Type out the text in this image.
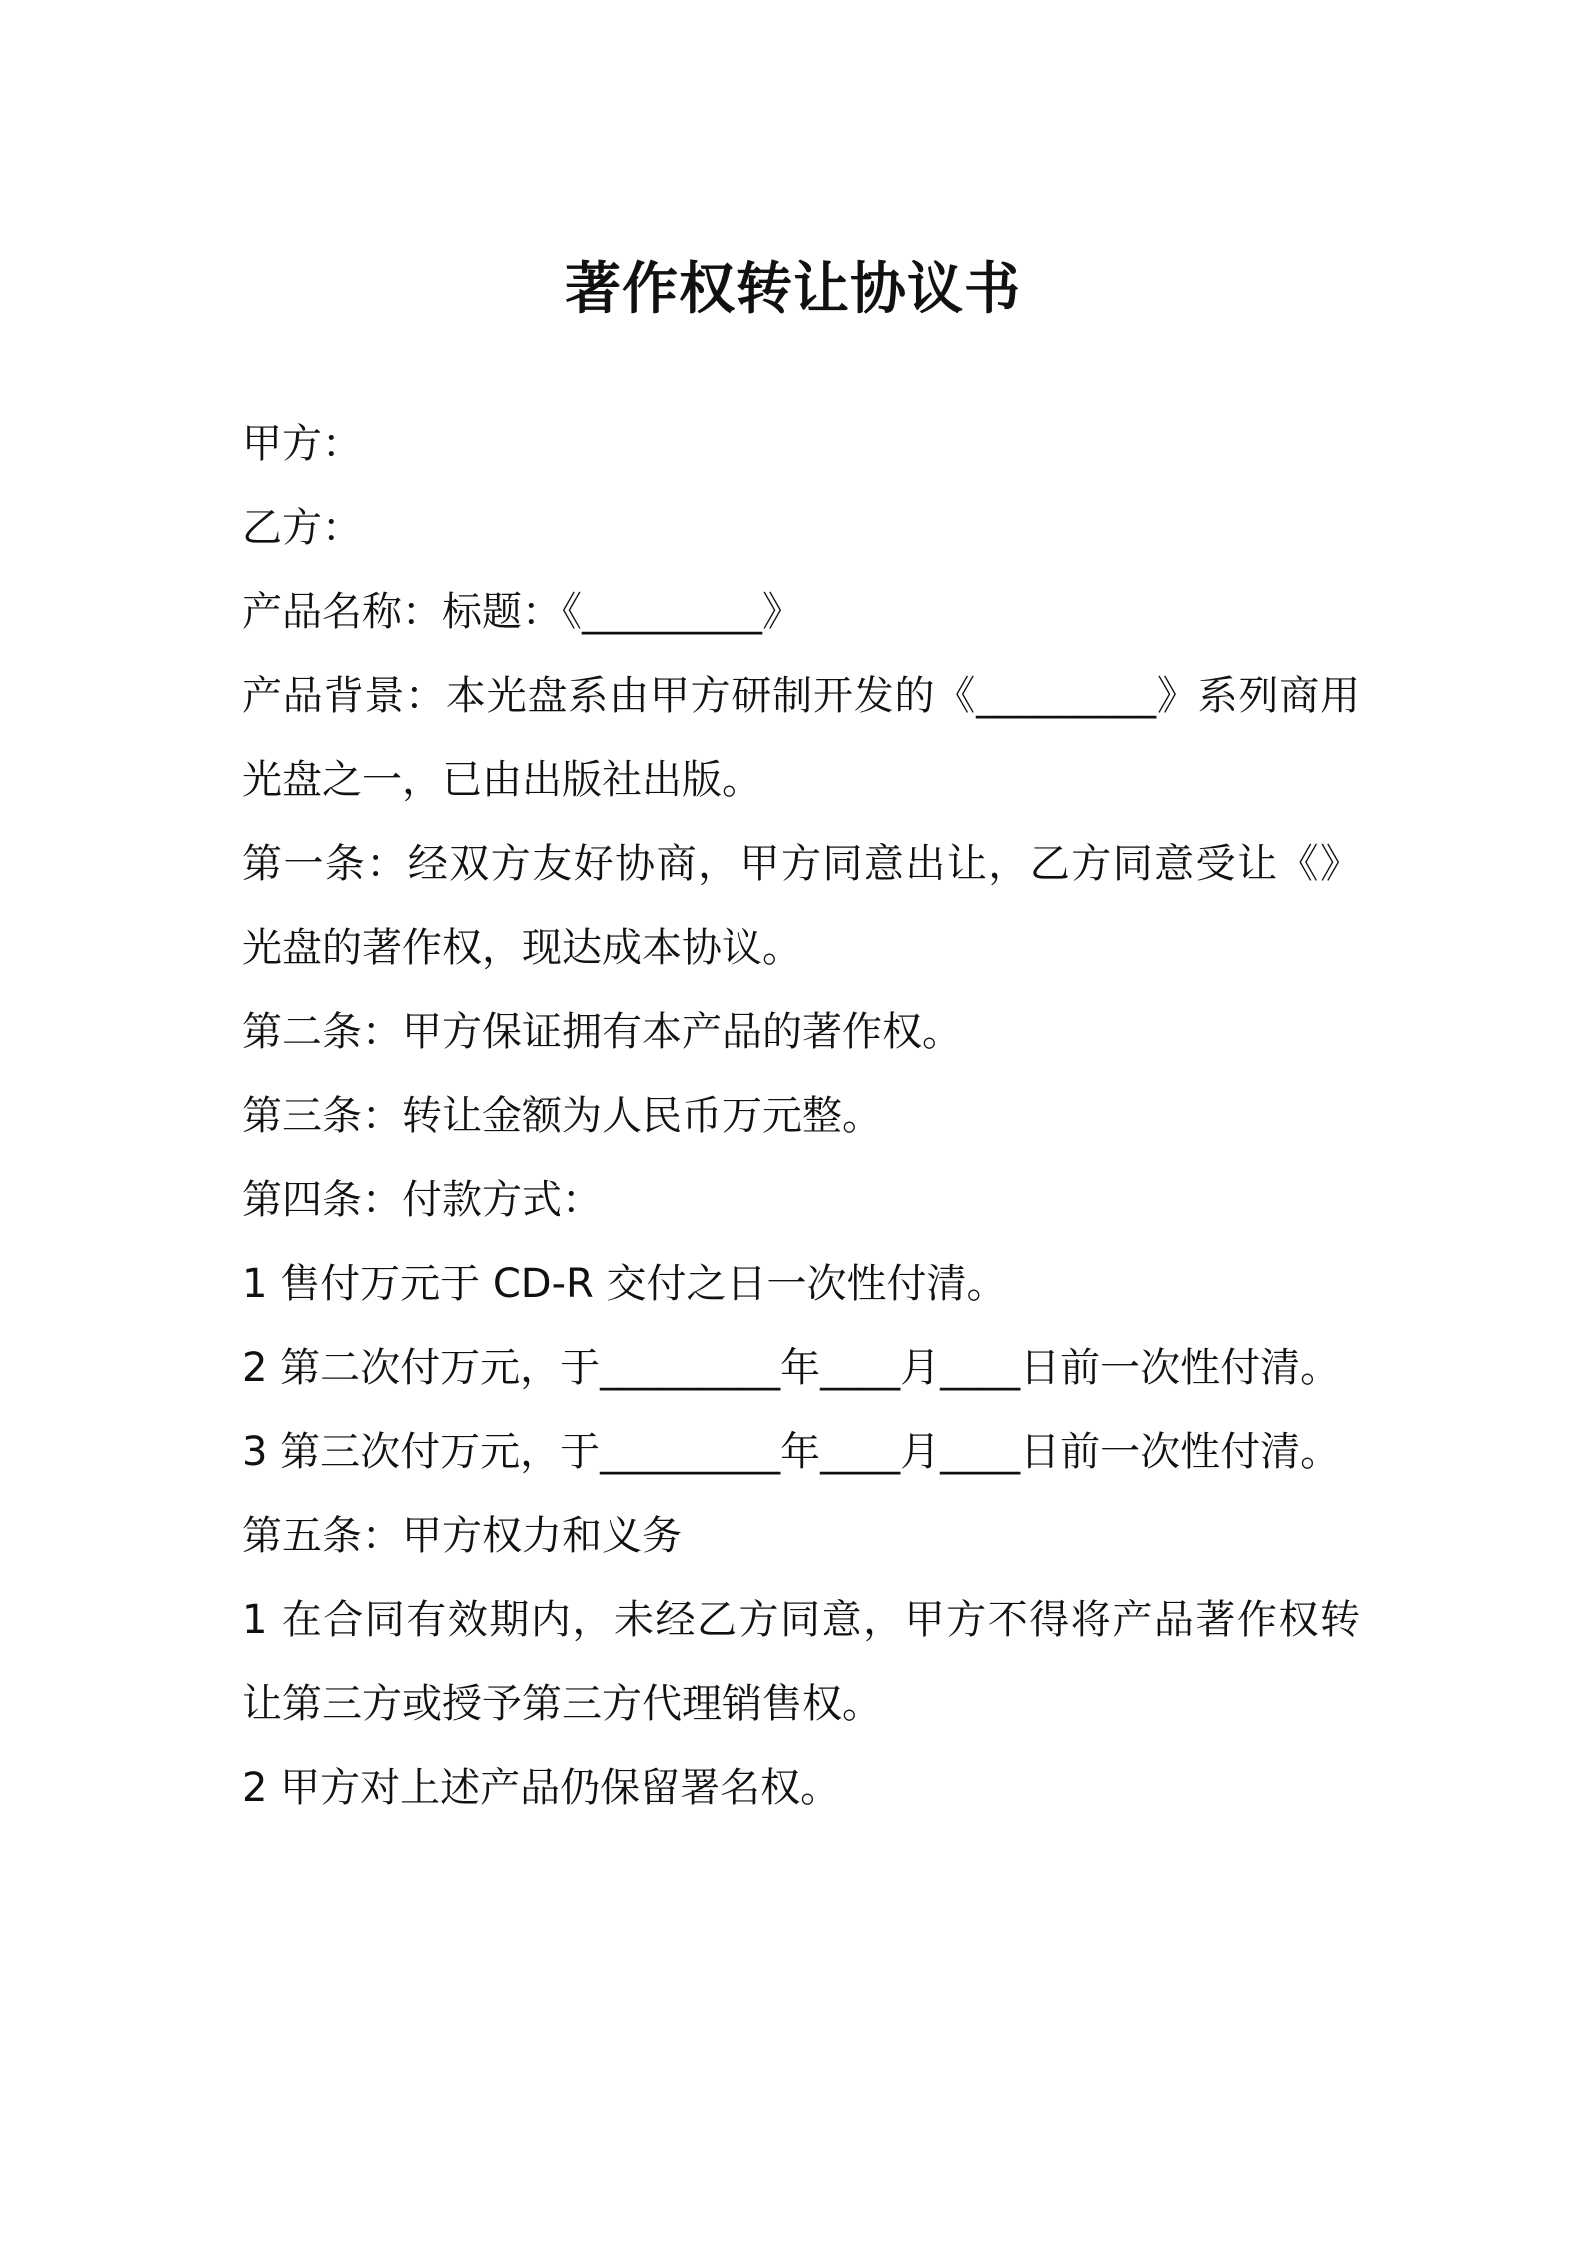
著作权转让协议书

甲方：

乙方：

产品名称：标题：《_________》

产品背景：本光盘系由甲方研制开发的《_________》系列商用光盘之一，已由出版社出版。

第一条：经双方友好协商，甲方同意出让，乙方同意受让《》光盘的著作权，现达成本协议。

第二条：甲方保证拥有本产品的著作权。

第三条：转让金额为人民币万元整。

第四条：付款方式：

1 售付万元于 CD-R 交付之日一次性付清。

2 第二次付万元，于_________年____月____日前一次性付清。

3 第三次付万元，于_________年____月____日前一次性付清。

第五条：甲方权力和义务

1 在合同有效期内，未经乙方同意，甲方不得将产品著作权转让第三方或授予第三方代理销售权。

2 甲方对上述产品仍保留署名权。
